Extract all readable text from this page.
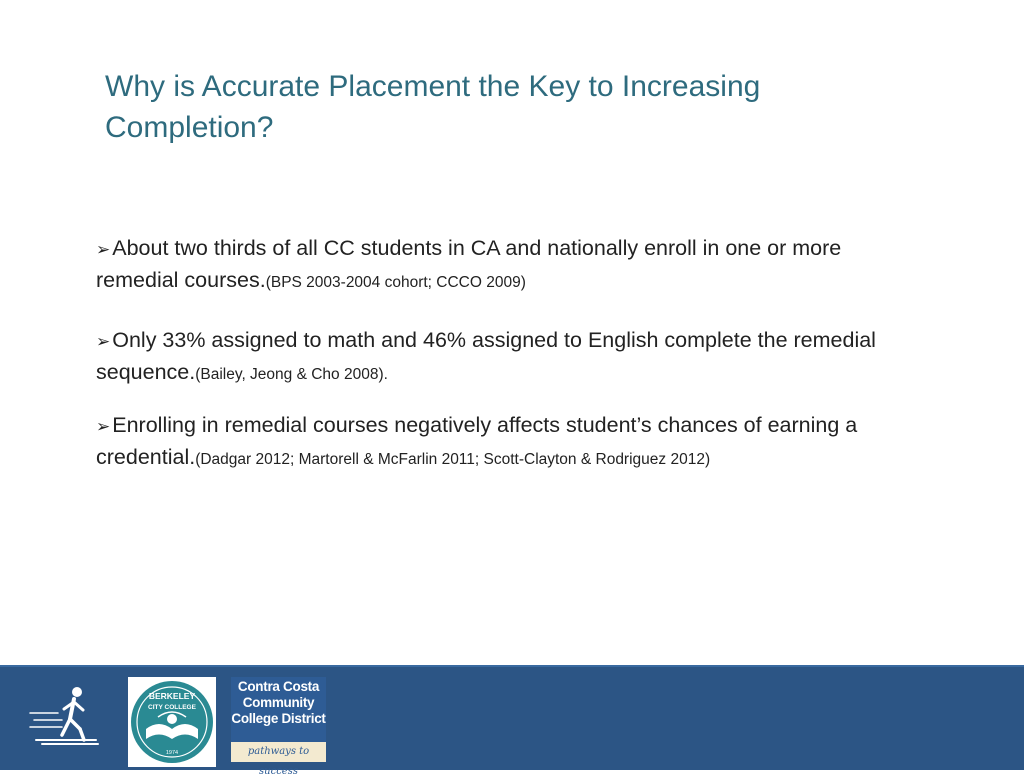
Why is Accurate Placement the Key to Increasing Completion?

➢About two thirds of all CC students in CA and nationally enroll in one or more remedial courses.(BPS 2003-2004 cohort; CCCO 2009)

➢Only 33% assigned to math and 46% assigned to English complete the remedial sequence.(Bailey, Jeong & Cho 2008).

➢Enrolling in remedial courses negatively affects student’s chances of earning a credential.(Dadgar 2012; Martorell & McFarlin 2011; Scott-Clayton & Rodriguez 2012)

BERKELEY
CITY COLLEGE
1974
Contra Costa
Community
College District
pathways to success
